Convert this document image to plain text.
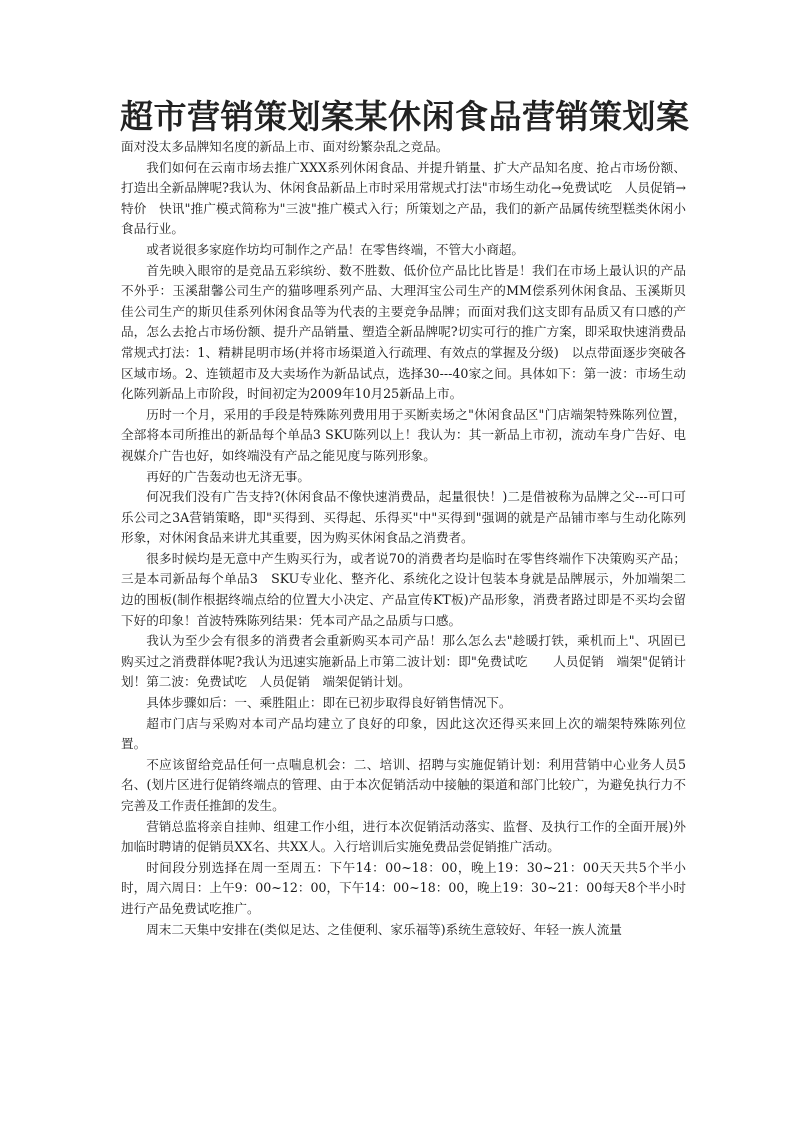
超市营销策划案某休闲食品营销策划案

面对没太多品牌知名度的新品上市、面对纷繁杂乱之竞品。

我们如何在云南市场去推广XXX系列休闲食品、并提升销量、扩大产品知名度、抢占市场份额、打造出全新品牌呢?我认为、休闲食品新品上市时采用常规式打法"市场生动化→免费试吃　人员促销→特价　快讯"推广模式简称为"三波"推广模式入行；所策划之产品，我们的新产品属传统型糕类休闲小食品行业。

或者说很多家庭作坊均可制作之产品！在零售终端，不管大小商超。

首先映入眼帘的是竞品五彩缤纷、数不胜数、低价位产品比比皆是！我们在市场上最认识的产品不外乎：玉溪甜馨公司生产的猫哆哩系列产品、大理洱宝公司生产的MM偿系列休闲食品、玉溪斯贝佳公司生产的斯贝佳系列休闲食品等为代表的主要竞争品牌；而面对我们这支即有品质又有口感的产品，怎么去抢占市场份额、提升产品销量、塑造全新品牌呢?切实可行的推广方案，即采取快速消费品常规式打法：1、精耕昆明市场(并将市场渠道入行疏理、有效点的掌握及分级)　以点带面逐步突破各区域市场。2、连锁超市及大卖场作为新品试点，选择30---40家之间。具体如下：第一波：市场生动化陈列新品上市阶段，时间初定为2009年10月25新品上市。

历时一个月，采用的手段是特殊陈列费用用于买断卖场之"休闲食品区"门店端架特殊陈列位置，全部将本司所推出的新品每个单品3 SKU陈列以上！我认为：其一新品上市初，流动车身广告好、电视媒介广告也好，如终端没有产品之能见度与陈列形象。

再好的广告轰动也无济无事。

何况我们没有广告支持?(休闲食品不像快速消费品，起量很快！)二是借被称为品牌之父---可口可乐公司之3A营销策略，即"买得到、买得起、乐得买"中"买得到"强调的就是产品铺市率与生动化陈列形象，对休闲食品来讲尤其重要，因为购买休闲食品之消费者。

很多时候均是无意中产生购买行为，或者说70的消费者均是临时在零售终端作下决策购买产品；三是本司新品每个单品3　SKU专业化、整齐化、系统化之设计包装本身就是品牌展示，外加端架二边的围板(制作根据终端点给的位置大小决定、产品宣传KT板)产品形象，消费者路过即是不买均会留下好的印象！首波特殊陈列结果：凭本司产品之品质与口感。

我认为至少会有很多的消费者会重新购买本司产品！那么怎么去"趁暖打铁，乘机而上"、巩固已购买过之消费群体呢?我认为迅速实施新品上市第二波计划：即"免费试吃　　人员促销　端架"促销计划！第二波：免费试吃　人员促销　端架促销计划。

具体步骤如后：一、乘胜阻止：即在已初步取得良好销售情况下。

超市门店与采购对本司产品均建立了良好的印象，因此这次还得买来回上次的端架特殊陈列位置。

不应该留给竞品任何一点喘息机会：二、培训、招聘与实施促销计划：利用营销中心业务人员5名、(划片区进行促销终端点的管理、由于本次促销活动中接触的渠道和部门比较广，为避免执行力不完善及工作责任推卸的发生。

营销总监将亲自挂帅、组建工作小组，进行本次促销活动落实、监督、及执行工作的全面开展)外加临时聘请的促销员XX名、共XX人。入行培训后实施免费品尝促销推广活动。

时间段分别选择在周一至周五：下午14：00~18：00，晚上19：30~21：00天天共5个半小时，周六周日：上午9：00~12：00，下午14：00~18：00，晚上19：30~21：00每天8个半小时进行产品免费试吃推广。

周末二天集中安排在(类似足达、之佳便利、家乐福等)系统生意较好、年轻一族人流量
